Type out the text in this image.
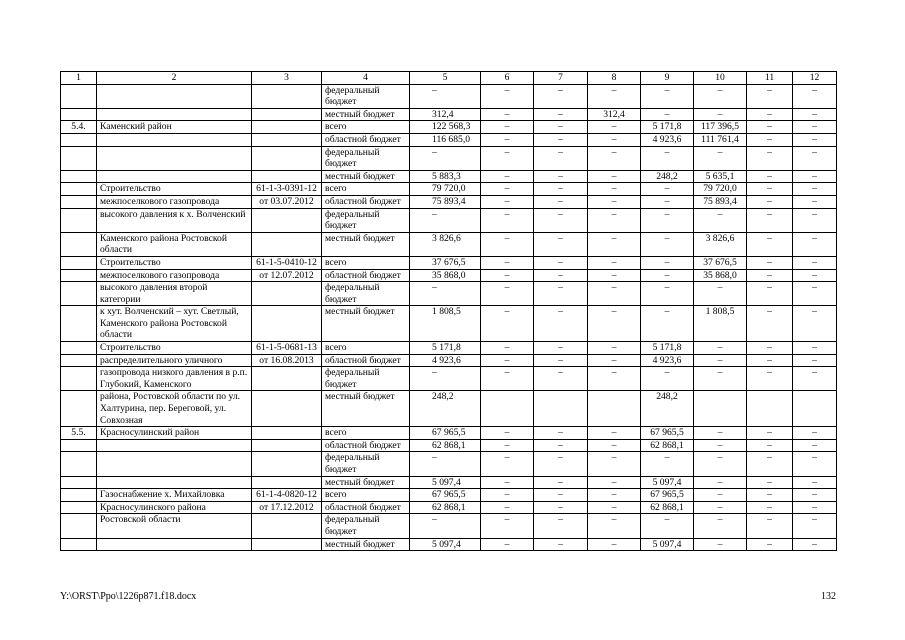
1	2	3	4	5	6	7	8	9	10	11	12
			федеральный бюджет	–	–	–	–	–	–	–	–
			местный бюджет	312,4	–	–	312,4	–	–	–	–
5.4.	Каменский район		всего	122 568,3	–	–	–	5 171,8	117 396,5	–	–
			областной бюджет	116 685,0	–	–	–	4 923,6	111 761,4	–	–
			федеральный бюджет	–	–	–	–	–	–	–	–
			местный бюджет	5 883,3	–	–	–	248,2	5 635,1	–	–
	Строительство	61-1-3-0391-12	всего	79 720,0	–	–	–	–	79 720,0	–	–
	межпоселкового газопровода	от 03.07.2012	областной бюджет	75 893,4	–	–	–	–	75 893,4	–	–
	высокого давления к х. Волченский		федеральный бюджет	–	–	–	–	–	–	–	–
	Каменского района Ростовской области		местный бюджет	3 826,6	–	–	–	–	3 826,6	–	–
	Строительство	61-1-5-0410-12	всего	37 676,5	–	–	–	–	37 676,5	–	–
	межпоселкового газопровода	от 12.07.2012	областной бюджет	35 868,0	–	–	–	–	35 868,0	–	–
	высокого давления второй категории		федеральный бюджет	–	–	–	–	–	–	–	–
	к хут. Волченский – хут. Светлый, Каменского района Ростовской области		местный бюджет	1 808,5	–	–	–	–	1 808,5	–	–
	Строительство	61-1-5-0681-13	всего	5 171,8	–	–	–	5 171,8	–	–	–
	распределительного уличного	от 16.08.2013	областной бюджет	4 923,6	–	–	–	4 923,6	–	–	–
	газопровода низкого давления в р.п. Глубокий, Каменского		федеральный бюджет	–	–	–	–	–	–	–	–
	района, Ростовской области по ул. Халтурина, пер. Береговой, ул. Совхозная		местный бюджет	248,2				248,2			
5.5.	Красносулинский район		всего	67 965,5	–	–	–	67 965,5	–	–	–
			областной бюджет	62 868,1	–	–	–	62 868,1	–	–	–
			федеральный бюджет	–	–	–	–	–	–	–	–
			местный бюджет	5 097,4	–	–	–	5 097,4	–	–	–
	Газоснабжение х. Михайловка	61-1-4-0820-12	всего	67 965,5	–	–	–	67 965,5	–	–	–
	Красносулинского района	от 17.12.2012	областной бюджет	62 868,1	–	–	–	62 868,1	–	–	–
	Ростовской области		федеральный бюджет	–	–	–	–	–	–	–	–
			местный бюджет	5 097,4	–	–	–	5 097,4	–	–	–
Y:\ORST\Ppo\1226p871.f18.docx	132
